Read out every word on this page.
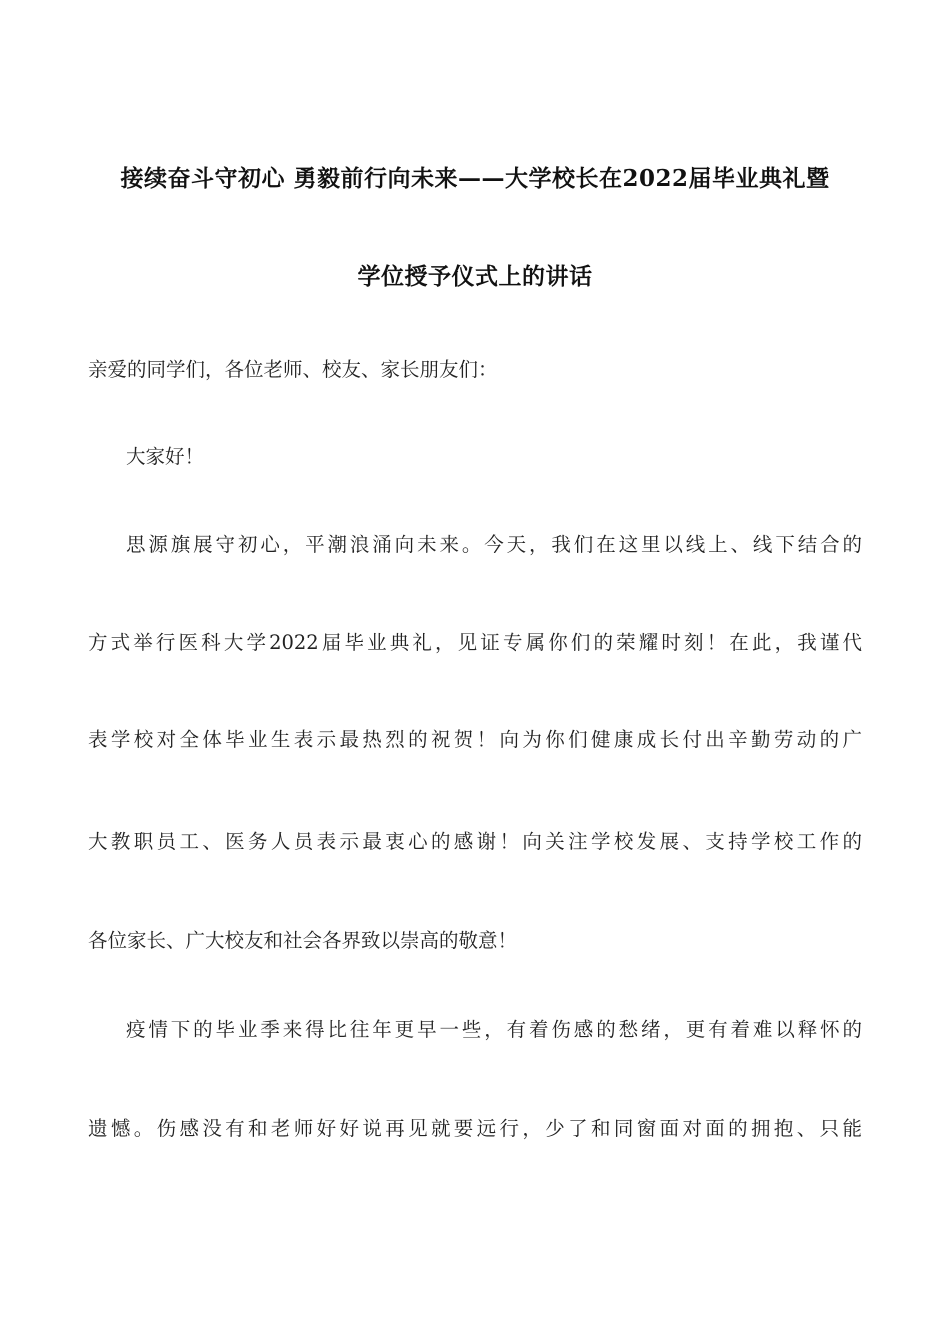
接续奋斗守初心 勇毅前行向未来——大学校长在2022届毕业典礼暨
学位授予仪式上的讲话
亲爱的同学们，各位老师、校友、家长朋友们：
大家好！
思源旗展守初心，平潮浪涌向未来。今天，我们在这里以线上、线下结合的
方式举行医科大学2022届毕业典礼，见证专属你们的荣耀时刻！在此，我谨代
表学校对全体毕业生表示最热烈的祝贺！向为你们健康成长付出辛勤劳动的广
大教职员工、医务人员表示最衷心的感谢！向关注学校发展、支持学校工作的
各位家长、广大校友和社会各界致以崇高的敬意！
疫情下的毕业季来得比往年更早一些，有着伤感的愁绪，更有着难以释怀的
遗憾。伤感没有和老师好好说再见就要远行，少了和同窗面对面的拥抱、只能
